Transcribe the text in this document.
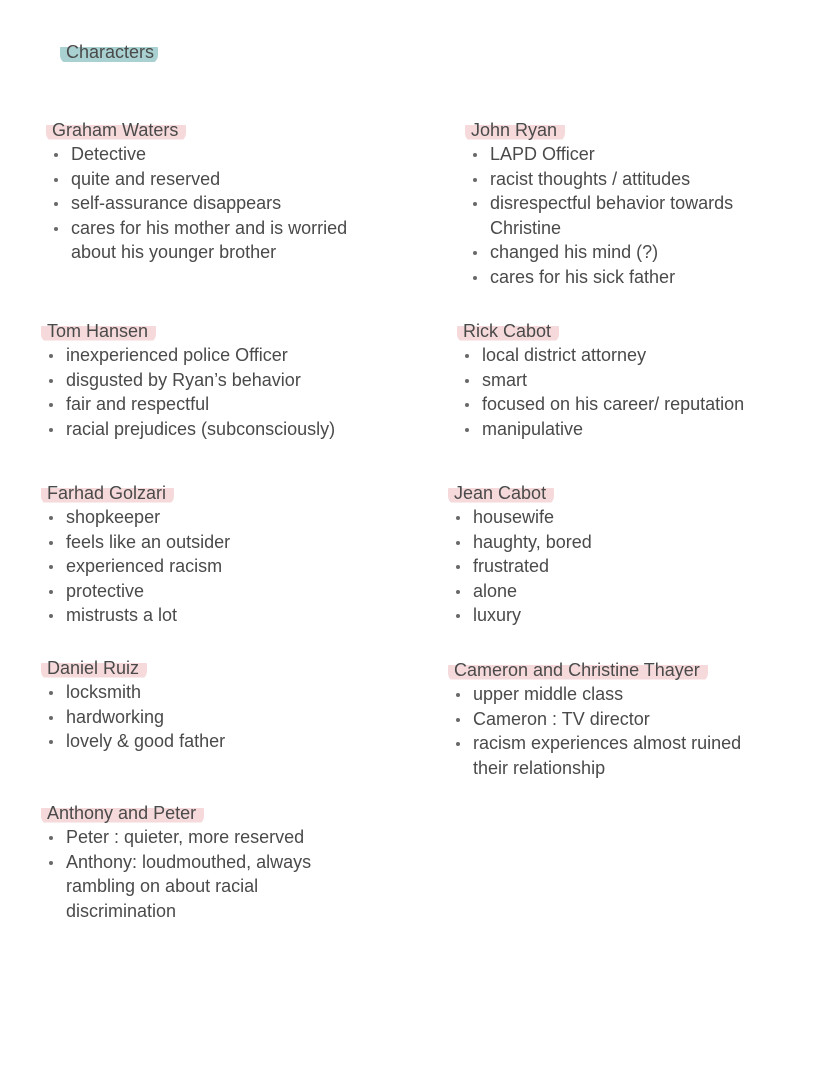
Characters
Graham Waters
Detective
quite and reserved
self-assurance disappears
cares for his mother and is worried about his younger brother
John Ryan
LAPD Officer
racist thoughts / attitudes
disrespectful behavior towards Christine
changed his mind (?)
cares for his sick father
Tom Hansen
inexperienced police Officer
disgusted by Ryan’s behavior
fair and respectful
racial prejudices (subconsciously)
Rick Cabot
local district attorney
smart
focused on his career/ reputation
manipulative
Farhad Golzari
shopkeeper
feels like an outsider
experienced racism
protective
mistrusts a lot
Jean Cabot
housewife
haughty, bored
frustrated
alone
luxury
Daniel Ruiz
locksmith
hardworking
lovely & good father
Cameron and Christine Thayer
upper middle class
Cameron : TV director
racism experiences almost ruined their relationship
Anthony and Peter
Peter : quieter, more reserved
Anthony: loudmouthed, always rambling on about racial discrimination
